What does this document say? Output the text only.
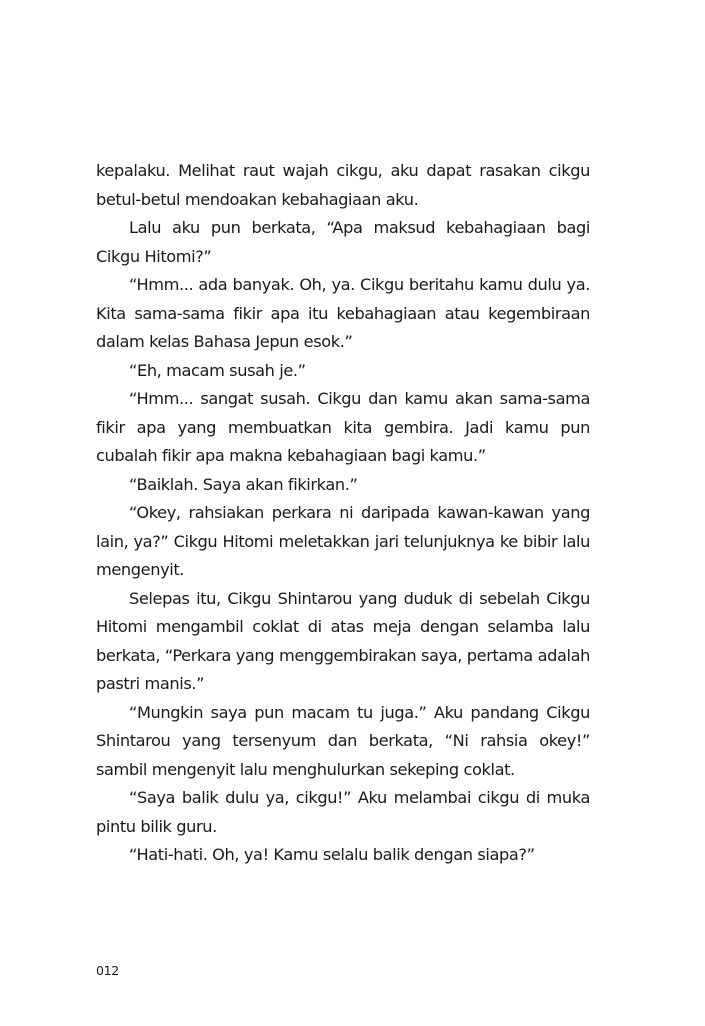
kepalaku. Melihat raut wajah cikgu, aku dapat rasakan cikgu betul-betul mendoakan kebahagiaan aku.

Lalu aku pun berkata, “Apa maksud kebahagiaan bagi Cikgu Hitomi?”

“Hmm... ada banyak. Oh, ya. Cikgu beritahu kamu dulu ya. Kita sama-sama fikir apa itu kebahagiaan atau kegembiraan dalam kelas Bahasa Jepun esok.”

“Eh, macam susah je.”

“Hmm... sangat susah. Cikgu dan kamu akan sama-sama fikir apa yang membuatkan kita gembira. Jadi kamu pun cubalah fikir apa makna kebahagiaan bagi kamu.”

“Baiklah. Saya akan fikirkan.”

“Okey, rahsiakan perkara ni daripada kawan-kawan yang lain, ya?” Cikgu Hitomi meletakkan jari telunjuknya ke bibir lalu mengenyit.

Selepas itu, Cikgu Shintarou yang duduk di sebelah Cikgu Hitomi mengambil coklat di atas meja dengan selamba lalu berkata, “Perkara yang menggembirakan saya, pertama adalah pastri manis.”

“Mungkin saya pun macam tu juga.” Aku pandang Cikgu Shintarou yang tersenyum dan berkata, “Ni rahsia okey!” sambil mengenyit lalu menghulurkan sekeping coklat.

“Saya balik dulu ya, cikgu!” Aku melambai cikgu di muka pintu bilik guru.

“Hati-hati. Oh, ya! Kamu selalu balik dengan siapa?”

012
